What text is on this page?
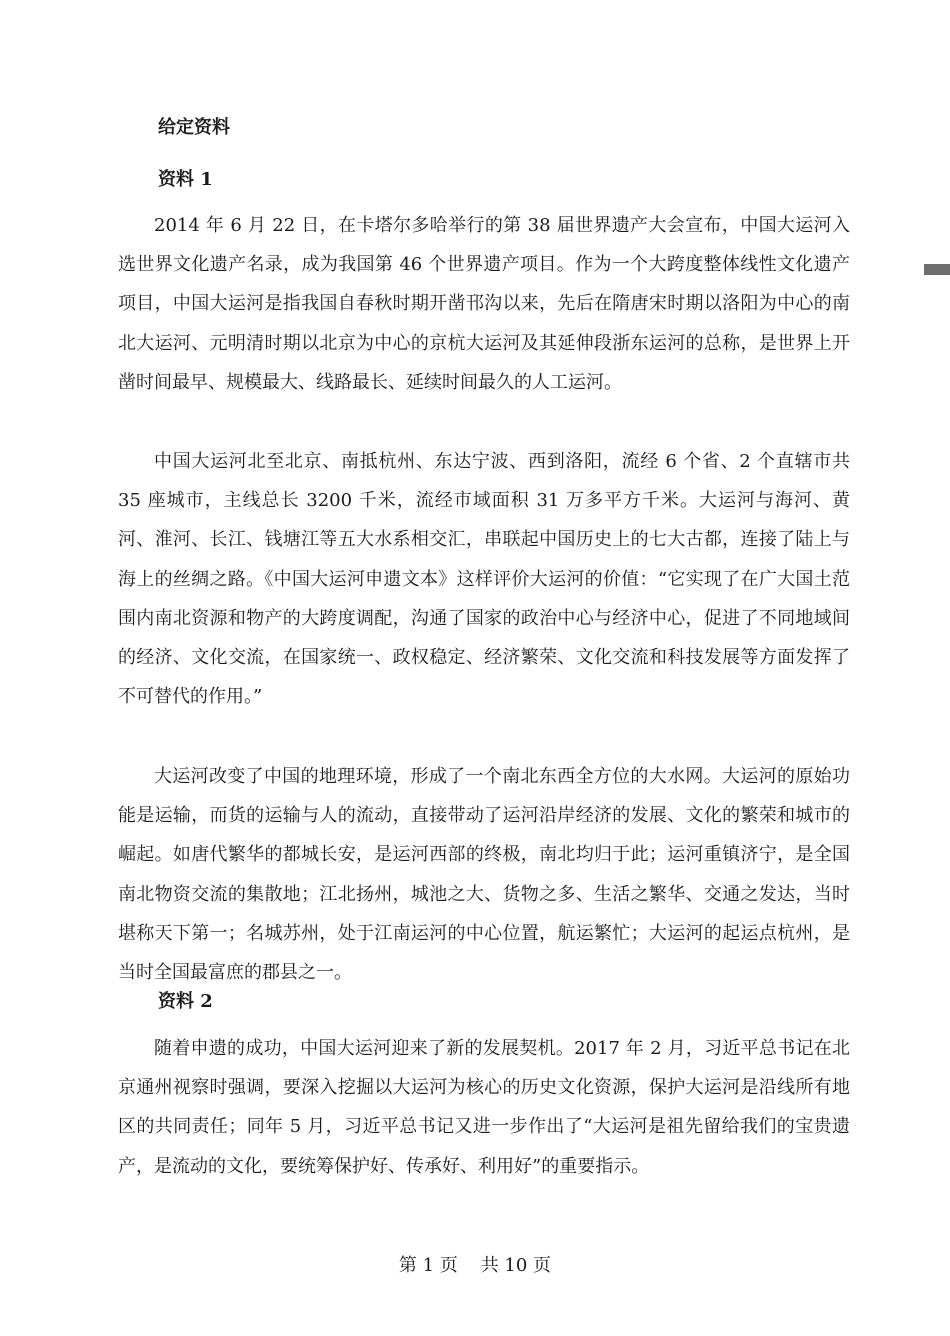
给定资料
资料 1

2014 年 6 月 22 日，在卡塔尔多哈举行的第 38 届世界遗产大会宣布，中国大运河入选世界文化遗产名录，成为我国第 46 个世界遗产项目。作为一个大跨度整体线性文化遗产项目，中国大运河是指我国自春秋时期开凿邗沟以来，先后在隋唐宋时期以洛阳为中心的南北大运河、元明清时期以北京为中心的京杭大运河及其延伸段浙东运河的总称，是世界上开凿时间最早、规模最大、线路最长、延续时间最久的人工运河。

中国大运河北至北京、南抵杭州、东达宁波、西到洛阳，流经 6 个省、2 个直辖市共 35 座城市，主线总长 3200 千米，流经市域面积 31 万多平方千米。大运河与海河、黄河、淮河、长江、钱塘江等五大水系相交汇，串联起中国历史上的七大古都，连接了陆上与海上的丝绸之路。《中国大运河申遗文本》这样评价大运河的价值：“它实现了在广大国土范围内南北资源和物产的大跨度调配，沟通了国家的政治中心与经济中心，促进了不同地域间的经济、文化交流，在国家统一、政权稳定、经济繁荣、文化交流和科技发展等方面发挥了不可替代的作用。”

大运河改变了中国的地理环境，形成了一个南北东西全方位的大水网。大运河的原始功能是运输，而货的运输与人的流动，直接带动了运河沿岸经济的发展、文化的繁荣和城市的崛起。如唐代繁华的都城长安，是运河西部的终极，南北均归于此；运河重镇济宁，是全国南北物资交流的集散地；江北扬州，城池之大、货物之多、生活之繁华、交通之发达，当时堪称天下第一；名城苏州，处于江南运河的中心位置，航运繁忙；大运河的起运点杭州，是当时全国最富庶的郡县之一。

资料 2

随着申遗的成功，中国大运河迎来了新的发展契机。2017 年 2 月，习近平总书记在北京通州视察时强调，要深入挖掘以大运河为核心的历史文化资源，保护大运河是沿线所有地区的共同责任；同年 5 月，习近平总书记又进一步作出了“大运河是祖先留给我们的宝贵遗产，是流动的文化，要统筹保护好、传承好、利用好”的重要指示。

第 1 页    共 10 页
